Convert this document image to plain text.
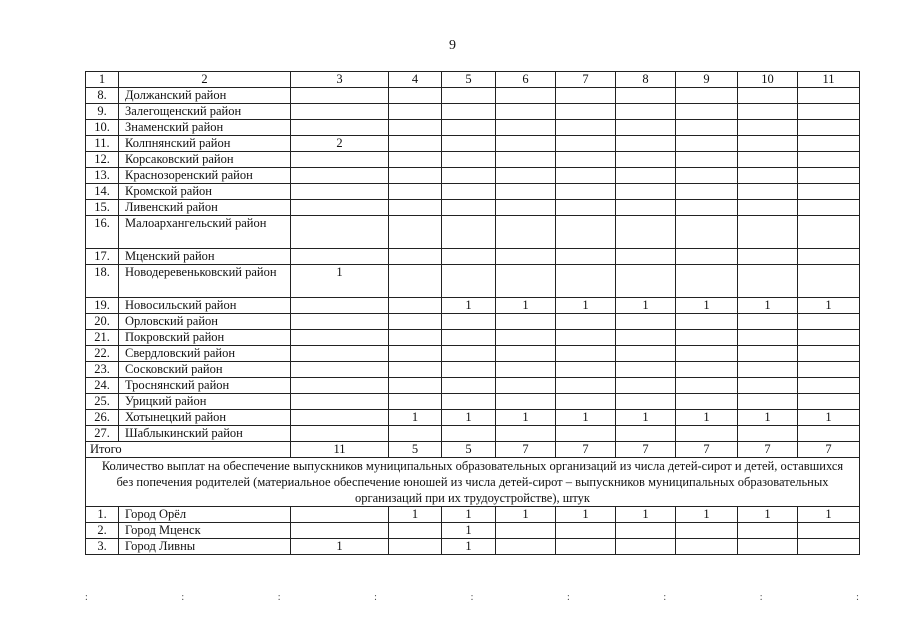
9
1	2	3	4	5	6	7	8	9	10	11
8.	Должанский район									
9.	Залегощенский район									
10.	Знаменский район									
11.	Колпнянский район	2								
12.	Корсаковский район									
13.	Краснозоренский район									
14.	Кромской район									
15.	Ливенский район									
16.	Малоархангельский район									
17.	Мценский район									
18.	Новодеревеньковский район	1								
19.	Новосильский район			1	1	1	1	1	1	1
20.	Орловский район									
21.	Покровский район									
22.	Свердловский район									
23.	Сосковский район									
24.	Троснянский район									
25.	Урицкий район									
26.	Хотынецкий район		1	1	1	1	1	1	1	1
27.	Шаблыкинский район									
Итого		11	5	5	7	7	7	7	7	7
Количество выплат на обеспечение выпускников муниципальных образовательных организаций из числа детей-сирот и детей, оставшихся без попечения родителей (материальное обеспечение юношей из числа детей-сирот – выпускников муниципальных образовательных организаций при их трудоустройстве), штук										
1.	Город Орёл		1	1	1	1	1	1	1	1
2.	Город Мценск			1						
3.	Город Ливны	1		1						
:	:	:	:	:	:	:	:	:
